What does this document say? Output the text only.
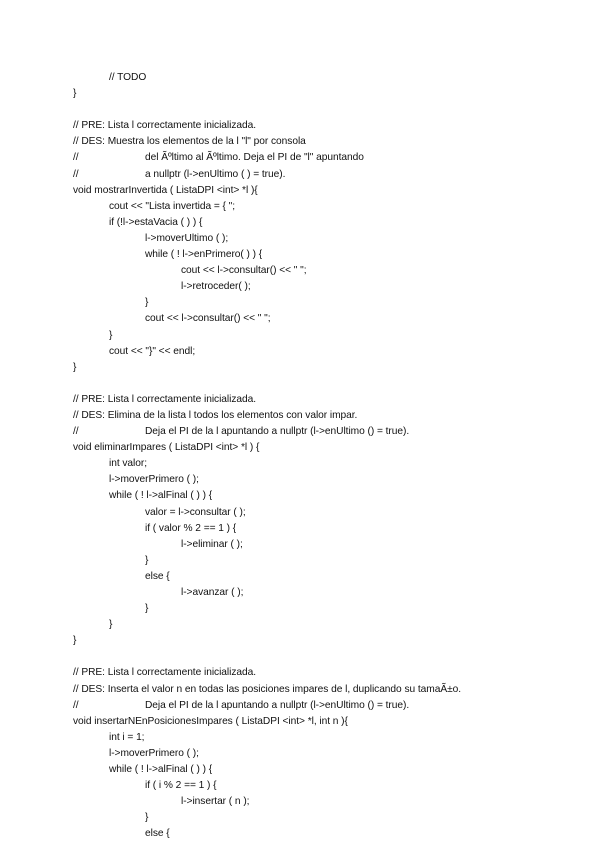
// TODO
}
// PRE: Lista l correctamente inicializada.
// DES: Muestra los elementos de la l "l" por consola
//	del Ãºltimo al Ãºltimo. Deja el PI de "l" apuntando
//	a nullptr (l->enUltimo ( ) = true).
void mostrarInvertida ( ListaDPI <int> *l ){
cout << "Lista invertida = { ";
if (!l->estaVacia ( ) ) {
l->moverUltimo ( );
while ( ! l->enPrimero( ) ) {
cout << l->consultar() << " ";
l->retroceder( );
}
cout << l->consultar() << " ";
}
cout << "}" << endl;
}
// PRE: Lista l correctamente inicializada.
// DES: Elimina de la lista l todos los elementos con valor impar.
//	Deja el PI de la l apuntando a nullptr (l->enUltimo () = true).
void eliminarImpares ( ListaDPI <int> *l ) {
int valor;
l->moverPrimero ( );
while ( ! l->alFinal ( ) ) {
valor = l->consultar ( );
if ( valor % 2 == 1 ) {
l->eliminar ( );
}
else {
l->avanzar ( );
}
}
}
// PRE: Lista l correctamente inicializada.
// DES: Inserta el valor n en todas las posiciones impares de l, duplicando su tamaÃ±o.
//	Deja el PI de la l apuntando a nullptr (l->enUltimo () = true).
void insertarNEnPosicionesImpares ( ListaDPI <int> *l, int n ){
int i = 1;
l->moverPrimero ( );
while ( ! l->alFinal ( ) ) {
if ( i % 2 == 1 ) {
l->insertar ( n );
}
else {
